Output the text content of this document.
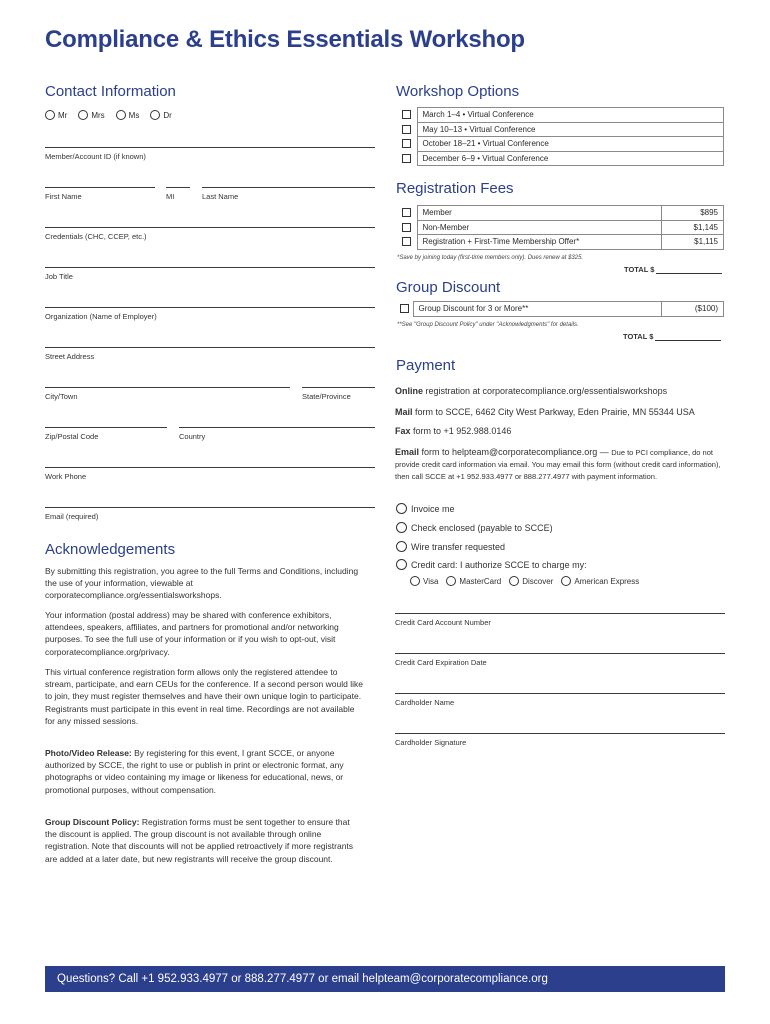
Compliance & Ethics Essentials Workshop
Contact Information
Mr	Mrs	Ms	Dr
Member/Account ID (if known)
First Name	MI	Last Name
Credentials (CHC, CCEP, etc.)
Job Title
Organization (Name of Employer)
Street Address
City/Town	State/Province
Zip/Postal Code	Country
Work Phone
Email (required)
Acknowledgements
By submitting this registration, you agree to the full Terms and Conditions, including the use of your information, viewable at corporatecompliance.org/essentialsworkshops.
Your information (postal address) may be shared with conference exhibitors, attendees, speakers, affiliates, and partners for promotional and/or networking purposes. To see the full use of your information or if you wish to opt-out, visit corporatecompliance.org/privacy.
This virtual conference registration form allows only the registered attendee to stream, participate, and earn CEUs for the conference. If a second person would like to join, they must register themselves and have their own unique login to participate. Registrants must participate in this event in real time. Recordings are not available for any missed sessions.
Photo/Video Release: By registering for this event, I grant SCCE, or anyone authorized by SCCE, the right to use or publish in print or electronic format, any photographs or video containing my image or likeness for educational, news, or promotional purposes, without compensation.
Group Discount Policy: Registration forms must be sent together to ensure that the discount is applied. The group discount is not available through online registration. Note that discounts will not be applied retroactively if more registrants are added at a later date, but new registrants will receive the group discount.
Workshop Options
	March 1–4 • Virtual Conference
	May 10–13 • Virtual Conference
	October 18–21 • Virtual Conference
	December 6–9 • Virtual Conference
Registration Fees
	Member	$895
	Non-Member	$1,145
	Registration + First-Time Membership Offer*	$1,115
*Save by joining today (first-time members only). Dues renew at $325.
TOTAL $
Group Discount
	Group Discount for 3 or More**	($100)
**See "Group Discount Policy" under "Acknowledgments" for details.
TOTAL $
Payment
Online registration at corporatecompliance.org/essentialsworkshops
Mail form to SCCE, 6462 City West Parkway, Eden Prairie, MN 55344 USA
Fax form to +1 952.988.0146
Email form to helpteam@corporatecompliance.org — Due to PCI compliance, do not provide credit card information via email. You may email this form (without credit card information), then call SCCE at +1 952.933.4977 or 888.277.4977 with payment information.
Invoice me
Check enclosed (payable to SCCE)
Wire transfer requested
Credit card: I authorize SCCE to charge my:
Visa	MasterCard	Discover	American Express
Credit Card Account Number
Credit Card Expiration Date
Cardholder Name
Cardholder Signature
Questions? Call +1 952.933.4977 or 888.277.4977 or email helpteam@corporatecompliance.org
